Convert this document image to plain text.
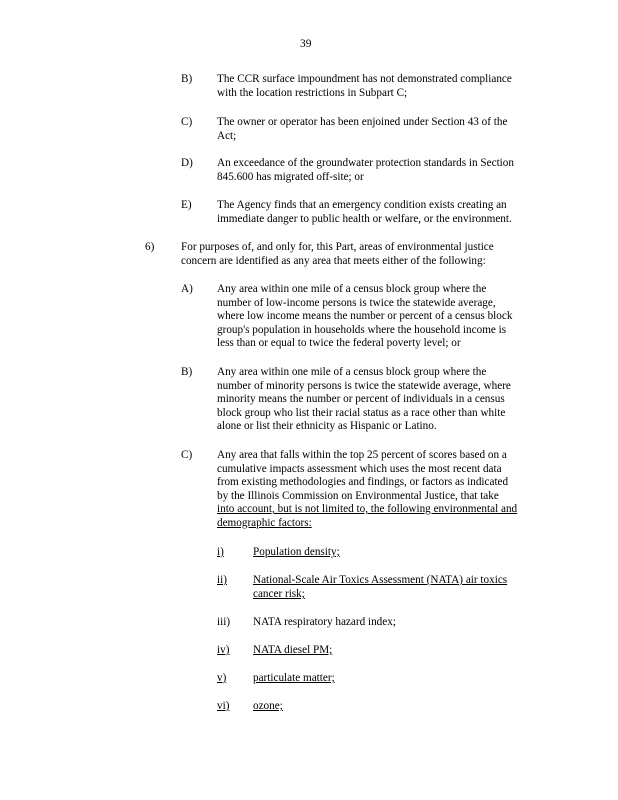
39
B) The CCR surface impoundment has not demonstrated compliance
with the location restrictions in Subpart C;
C) The owner or operator has been enjoined under Section 43 of the
Act;
D) An exceedance of the groundwater protection standards in Section
845.600 has migrated off-site; or
E) The Agency finds that an emergency condition exists creating an
immediate danger to public health or welfare, or the environment.
6) For purposes of, and only for, this Part, areas of environmental justice
concern are identified as any area that meets either of the following:
A) Any area within one mile of a census block group where the
number of low-income persons is twice the statewide average,
where low income means the number or percent of a census block
group's population in households where the household income is
less than or equal to twice the federal poverty level; or
B) Any area within one mile of a census block group where the
number of minority persons is twice the statewide average, where
minority means the number or percent of individuals in a census
block group who list their racial status as a race other than white
alone or list their ethnicity as Hispanic or Latino.
C) Any area that falls within the top 25 percent of scores based on a
cumulative impacts assessment which uses the most recent data
from existing methodologies and findings, or factors as indicated
by the Illinois Commission on Environmental Justice, that take
into account, but is not limited to, the following environmental and
demographic factors:
i)	Population density;
ii) National-Scale Air Toxics Assessment (NATA) air toxics
cancer risk;
iii) NATA respiratory hazard index;
iv) NATA diesel PM;
v) particulate matter;
vi) ozone;
